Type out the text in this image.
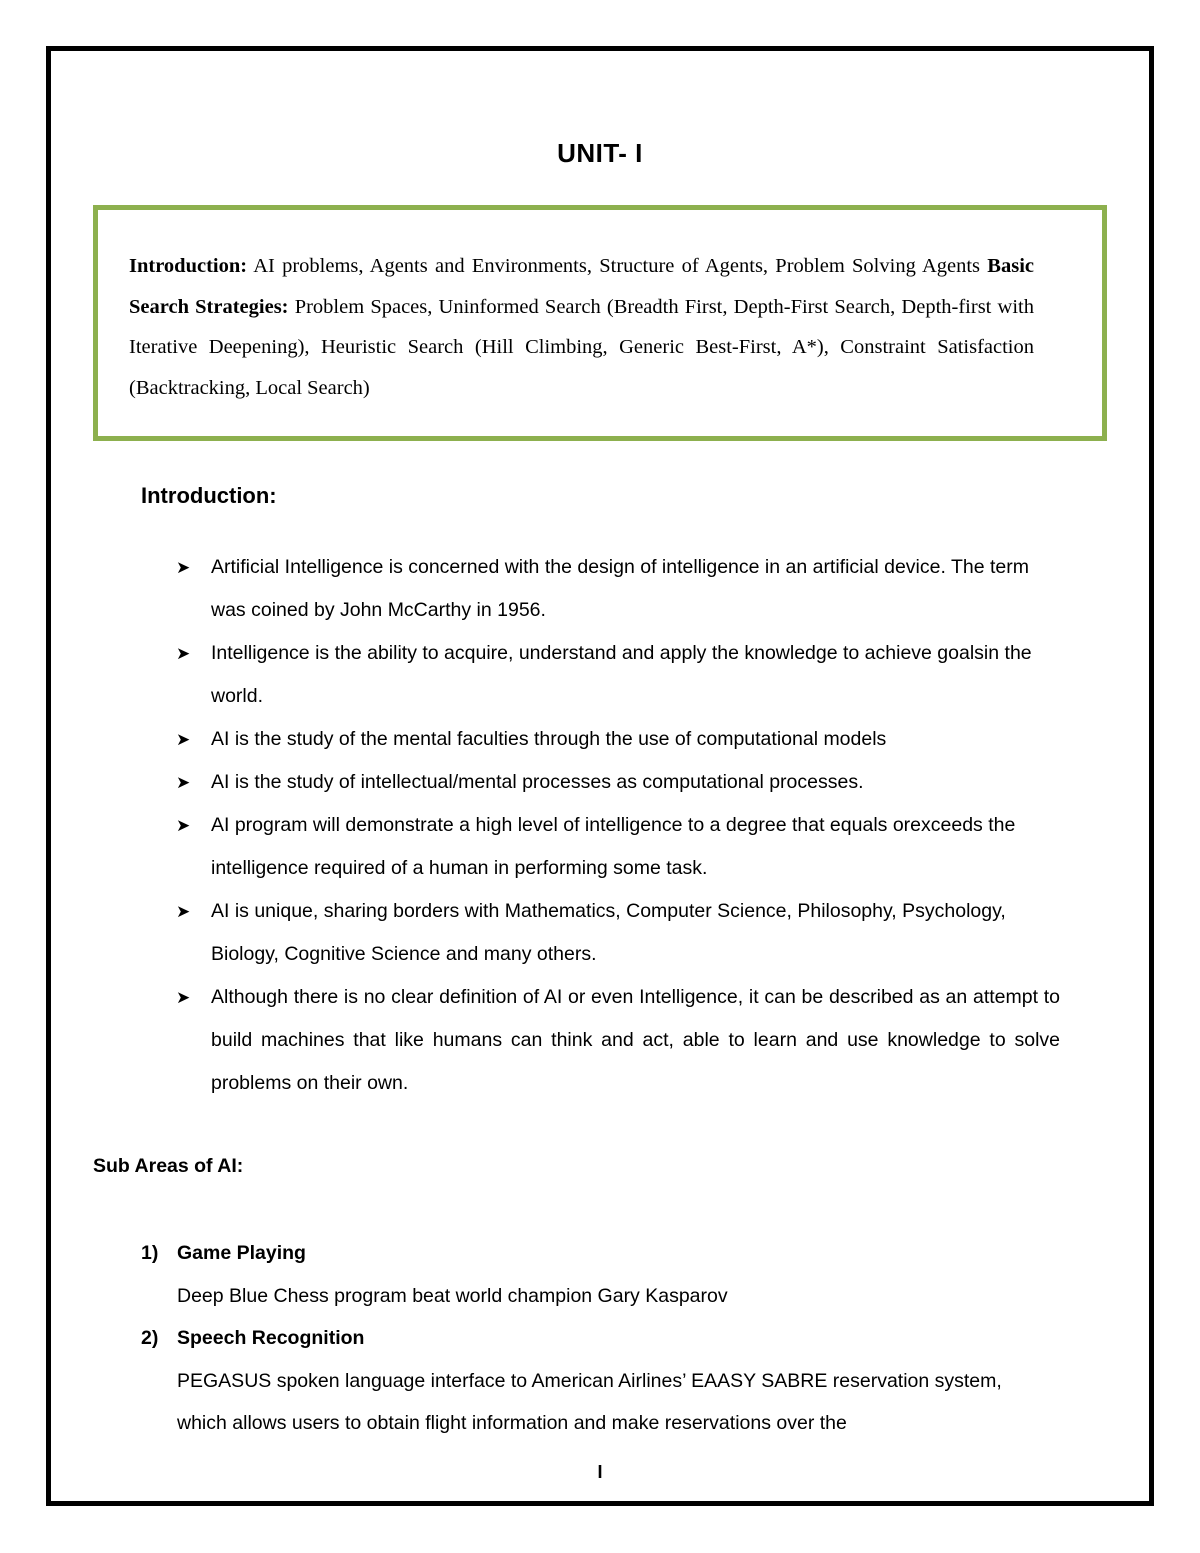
UNIT- I
Introduction: AI problems, Agents and Environments, Structure of Agents, Problem Solving Agents Basic Search Strategies: Problem Spaces, Uninformed Search (Breadth First, Depth-First Search, Depth-first with Iterative Deepening), Heuristic Search (Hill Climbing, Generic Best-First, A*), Constraint Satisfaction (Backtracking, Local Search)
Introduction:
➤ Artificial Intelligence is concerned with the design of intelligence in an artificial device. The term was coined by John McCarthy in 1956.
➤ Intelligence is the ability to acquire, understand and apply the knowledge to achieve goalsin the world.
➤ AI is the study of the mental faculties through the use of computational models
➤ AI is the study of intellectual/mental processes as computational processes.
➤ AI program will demonstrate a high level of intelligence to a degree that equals orexceeds the intelligence required of a human in performing some task.
➤ AI is unique, sharing borders with Mathematics, Computer Science, Philosophy, Psychology, Biology, Cognitive Science and many others.
➤ Although there is no clear definition of AI or even Intelligence, it can be described as an attempt to build machines that like humans can think and act, able to learn and use knowledge to solve problems on their own.
Sub Areas of AI:
1) Game Playing
Deep Blue Chess program beat world champion Gary Kasparov
2) Speech Recognition
PEGASUS spoken language interface to American Airlines’ EAASY SABRE reservation system, which allows users to obtain flight information and make reservations over the
I
